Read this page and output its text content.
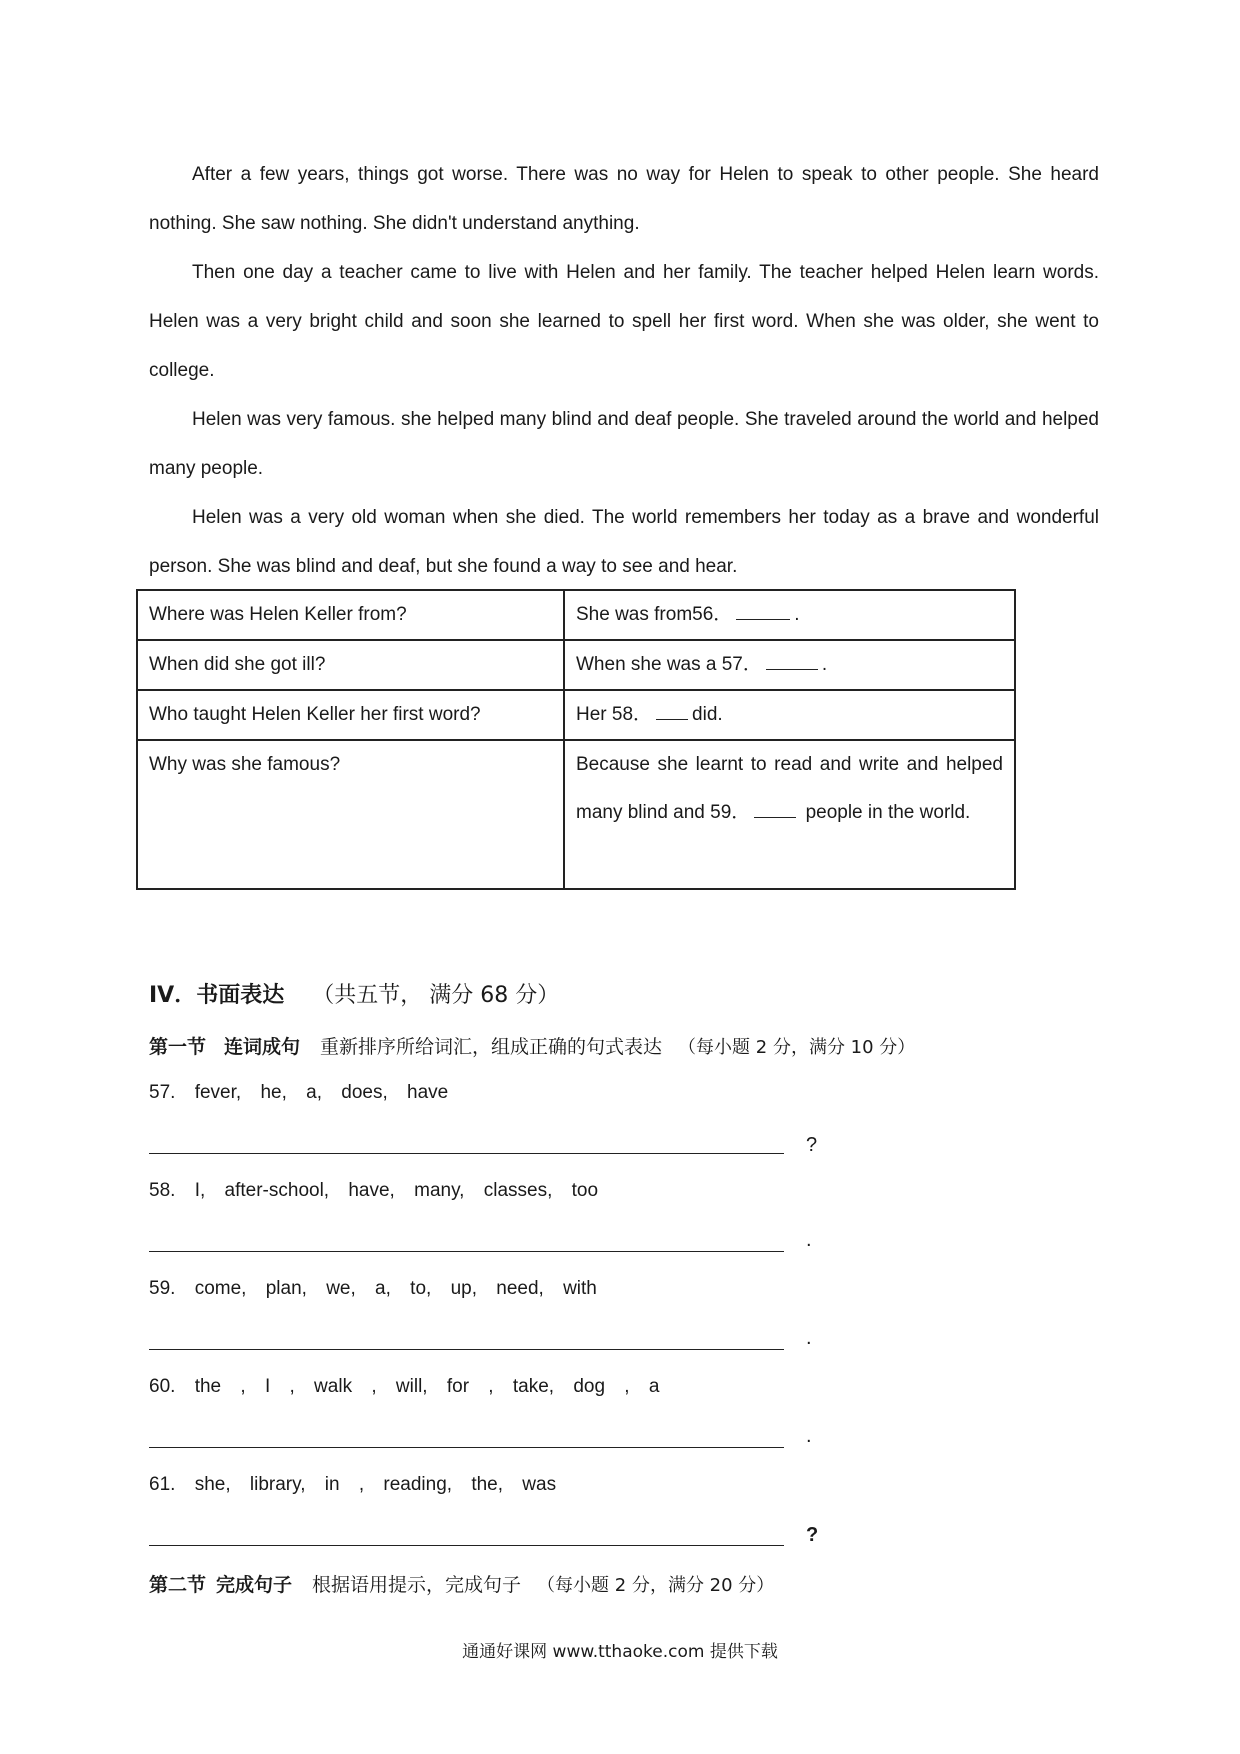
After a few years, things got worse. There was no way for Helen to speak to other people. She heard nothing. She saw nothing. She didn't understand anything.

Then one day a teacher came to live with Helen and her family. The teacher helped Helen learn words. Helen was a very bright child and soon she learned to spell her first word. When she was older, she went to college.

Helen was very famous. she helped many blind and deaf people. She traveled around the world and helped many people.

Helen was a very old woman when she died. The world remembers her today as a brave and wonderful person. She was blind and deaf, but she found a way to see and hear.

Where was Helen Keller from?	She was from56． .
When did she got ill?	When she was a 57． .
Who taught Helen Keller her first word?	Her 58． did.
Why was she famous?	Because she learnt to read and write and helped many blind and 59． people in the world.

IV．书面表达 （共五节， 满分 68 分）

第一节 连词成句 重新排序所给词汇，组成正确的句式表达 （每小题 2 分，满分 10 分）

57. fever, he, a, does, have

?

58. I, after-school, have, many, classes, too

.

59. come, plan, we, a, to, up, need, with

.

60. the , I , walk , will, for , take, dog , a

.

61. she, library, in , reading, the, was

?

第二节 完成句子 根据语用提示，完成句子 （每小题 2 分，满分 20 分）

通通好课网 www.tthaoke.com 提供下载
